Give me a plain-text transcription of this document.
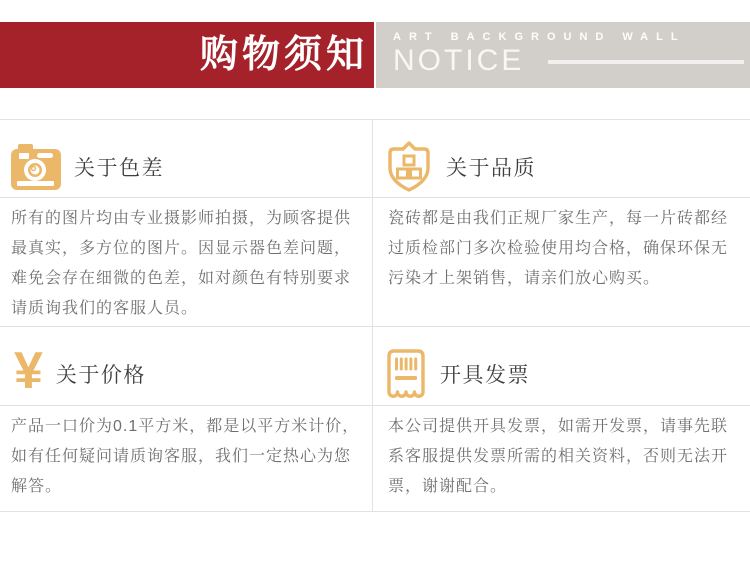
购物须知	ART BACKGROUND WALL
NOTICE
关于色差	关于品质
所有的图片均由专业摄影师拍摄，为顾客提供最真实，多方位的图片。因显示器色差问题，难免会存在细微的色差，如对颜色有特别要求请质询我们的客服人员。
瓷砖都是由我们正规厂家生产，每一片砖都经过质检部门多次检验使用均合格，确保环保无污染才上架销售，请亲们放心购买。
¥ 关于价格	开具发票
产品一口价为0.1平方米，都是以平方米计价，如有任何疑问请质询客服，我们一定热心为您解答。
本公司提供开具发票，如需开发票，请事先联系客服提供发票所需的相关资料，否则无法开票，谢谢配合。
